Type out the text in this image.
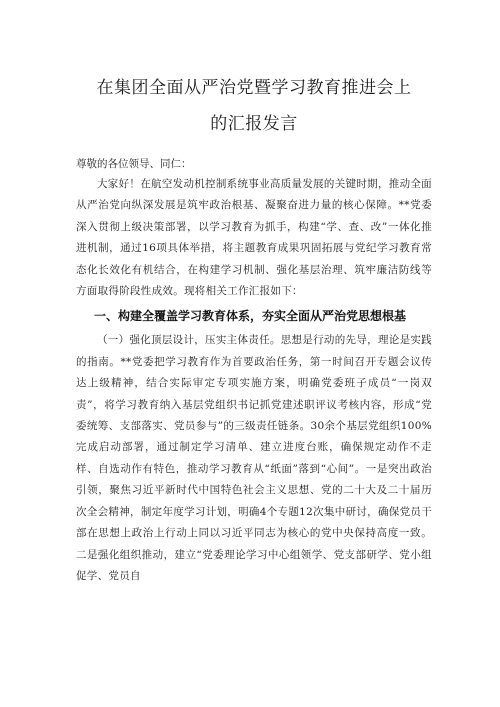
在集团全面从严治党暨学习教育推进会上
的汇报发言

尊敬的各位领导、同仁：

大家好！在航空发动机控制系统事业高质量发展的关键时期，推动全面从严治党向纵深发展是筑牢政治根基、凝聚奋进力量的核心保障。**党委深入贯彻上级决策部署，以学习教育为抓手，构建“学、查、改”一体化推进机制，通过16项具体举措，将主题教育成果巩固拓展与党纪学习教育常态化长效化有机结合，在构建学习机制、强化基层治理、筑牢廉洁防线等方面取得阶段性成效。现将相关工作汇报如下：

一、构建全覆盖学习教育体系，夯实全面从严治党思想根基

（一）强化顶层设计，压实主体责任。思想是行动的先导，理论是实践的指南。**党委把学习教育作为首要政治任务，第一时间召开专题会议传达上级精神，结合实际审定专项实施方案，明确党委班子成员“一岗双责”，将学习教育纳入基层党组织书记抓党建述职评议考核内容，形成“党委统筹、支部落实、党员参与”的三级责任链条。30余个基层党组织100%完成启动部署，通过制定学习清单、建立进度台账，确保规定动作不走样、自选动作有特色，推动学习教育从“纸面”落到“心间”。一是突出政治引领，聚焦习近平新时代中国特色社会主义思想、党的二十大及二十届历次全会精神，制定年度学习计划，明确4个专题12次集中研讨，确保党员干部在思想上政治上行动上同以习近平同志为核心的党中央保持高度一致。二是强化组织推动，建立“党委理论学习中心组领学、党支部研学、党小组促学、党员自
